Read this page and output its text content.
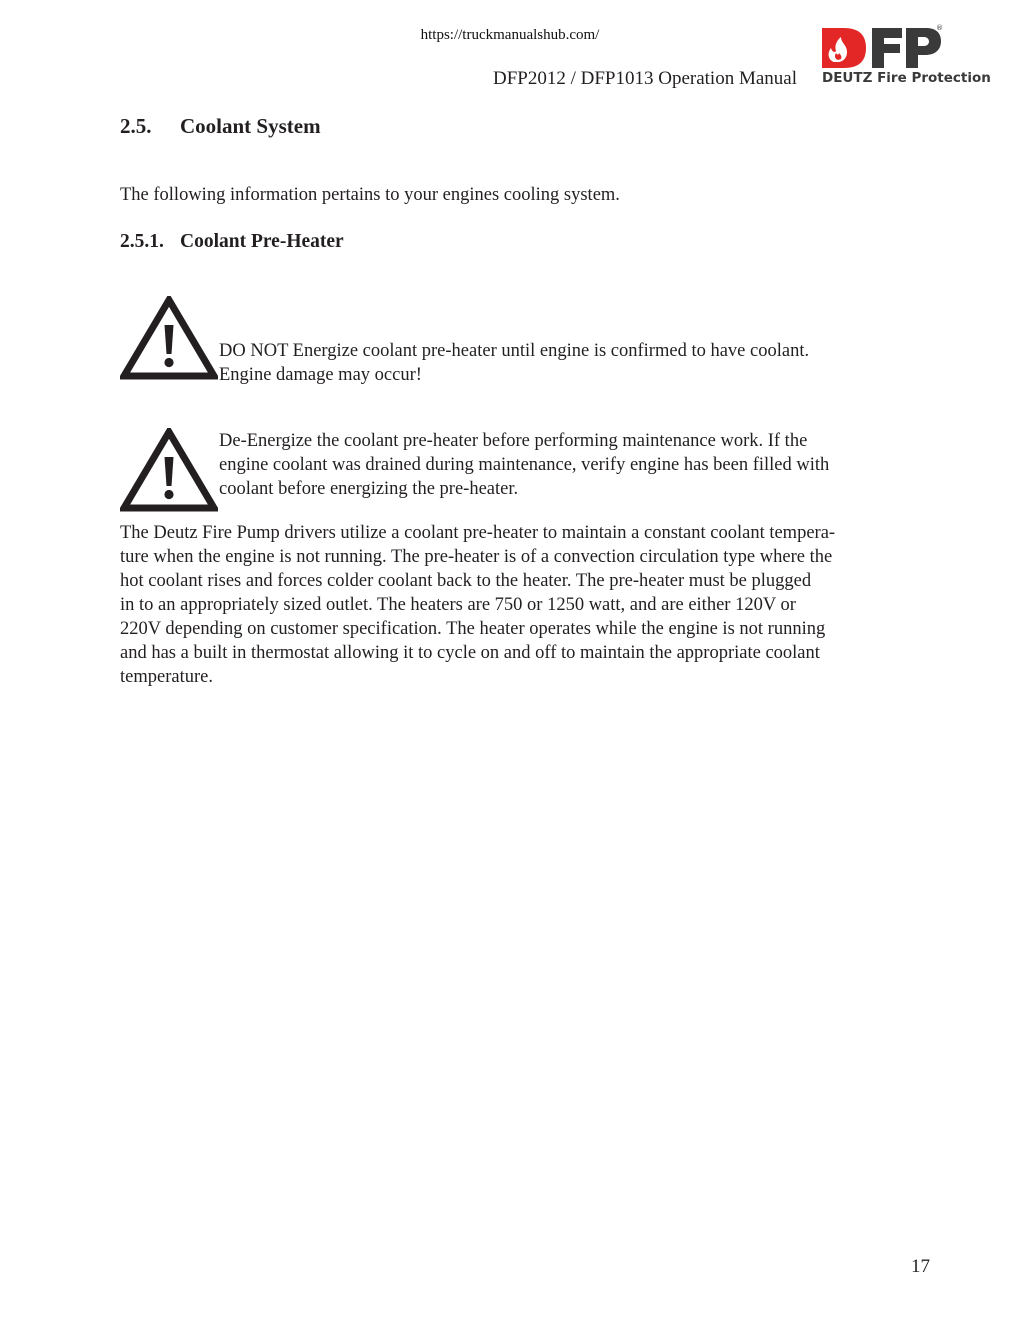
https://truckmanualshub.com/
DFP2012 / DFP1013 Operation Manual
®
DEUTZ Fire Protection
2.5. Coolant System

The following information pertains to your engines cooling system.

2.5.1. Coolant Pre-Heater

DO NOT Energize coolant pre-heater until engine is confirmed to have coolant.
Engine damage may occur!

De-Energize the coolant pre-heater before performing maintenance work. If the
engine coolant was drained during maintenance, verify engine has been filled with
coolant before energizing the pre-heater.

The Deutz Fire Pump drivers utilize a coolant pre-heater to maintain a constant coolant tempera-
ture when the engine is not running. The pre-heater is of a convection circulation type where the
hot coolant rises and forces colder coolant back to the heater. The pre-heater must be plugged
in to an appropriately sized outlet. The heaters are 750 or 1250 watt, and are either 120V or
220V depending on customer specification. The heater operates while the engine is not running
and has a built in thermostat allowing it to cycle on and off to maintain the appropriate coolant
temperature.

17
